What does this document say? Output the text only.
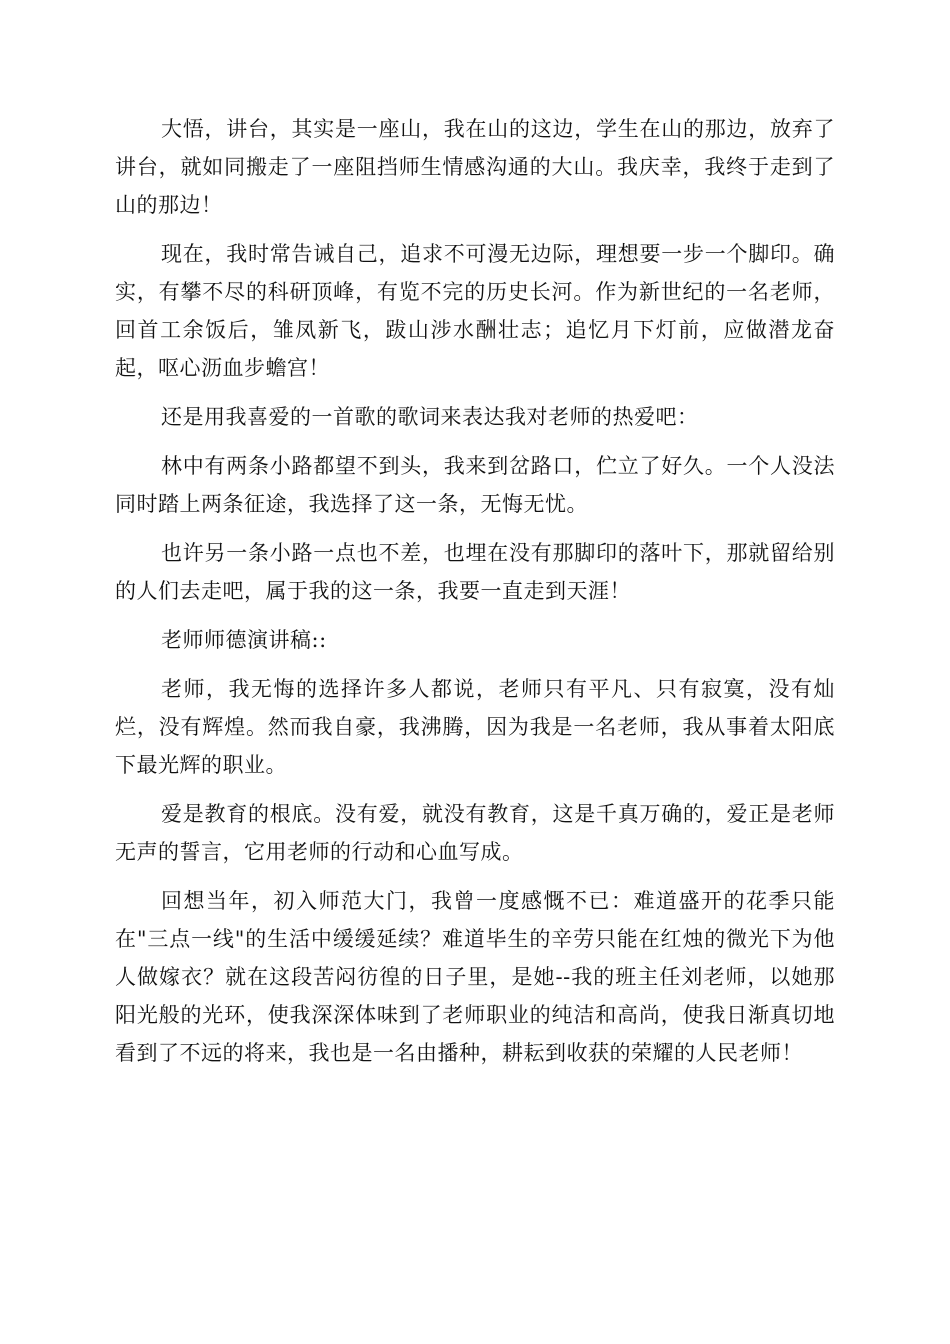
大悟，讲台，其实是一座山，我在山的这边，学生在山的那边，放弃了讲台，就如同搬走了一座阻挡师生情感沟通的大山。我庆幸，我终于走到了山的那边！

现在，我时常告诫自己，追求不可漫无边际，理想要一步一个脚印。确实，有攀不尽的科研顶峰，有览不完的历史长河。作为新世纪的一名老师，回首工余饭后，雏凤新飞，跋山涉水酬壮志；追忆月下灯前，应做潜龙奋起，呕心沥血步蟾宫！

还是用我喜爱的一首歌的歌词来表达我对老师的热爱吧：

林中有两条小路都望不到头，我来到岔路口，伫立了好久。一个人没法同时踏上两条征途，我选择了这一条，无悔无忧。

也许另一条小路一点也不差，也埋在没有那脚印的落叶下，那就留给别的人们去走吧，属于我的这一条，我要一直走到天涯！

老师师德演讲稿::

老师，我无悔的选择许多人都说，老师只有平凡、只有寂寞，没有灿烂，没有辉煌。然而我自豪，我沸腾，因为我是一名老师，我从事着太阳底下最光辉的职业。

爱是教育的根底。没有爱，就没有教育，这是千真万确的，爱正是老师无声的誓言，它用老师的行动和心血写成。

回想当年，初入师范大门，我曾一度感慨不已：难道盛开的花季只能在"三点一线"的生活中缓缓延续？难道毕生的辛劳只能在红烛的微光下为他人做嫁衣？就在这段苦闷彷徨的日子里，是她--我的班主任刘老师，以她那阳光般的光环，使我深深体味到了老师职业的纯洁和高尚，使我日渐真切地看到了不远的将来，我也是一名由播种，耕耘到收获的荣耀的人民老师！
